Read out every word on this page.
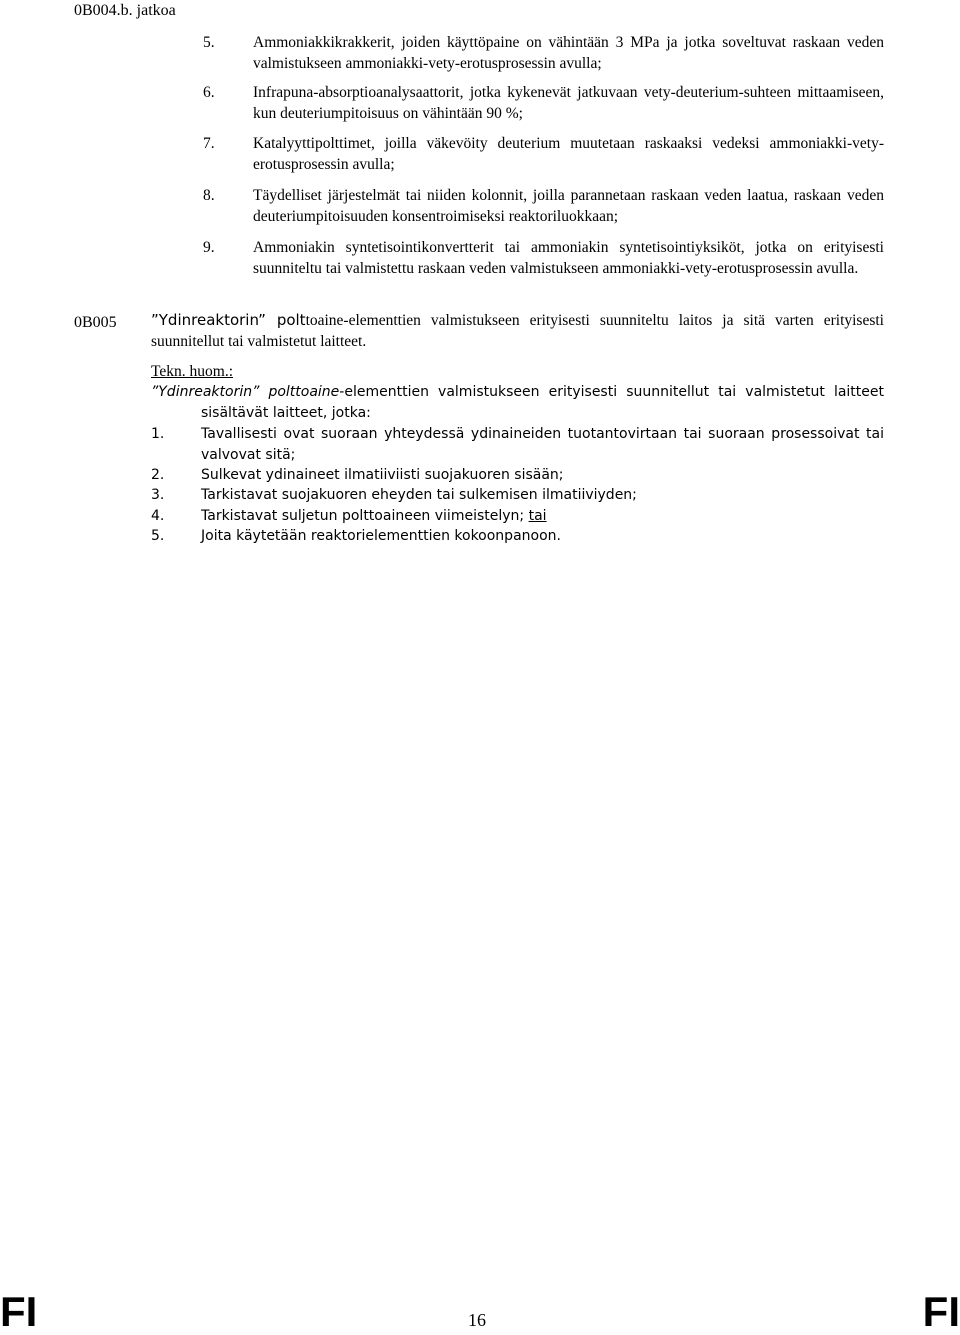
0B004.b. jatkoa
5. Ammoniakkikrakkerit, joiden käyttöpaine on vähintään 3 MPa ja jotka soveltuvat raskaan veden valmistukseen ammoniakki-vety-erotusprosessin avulla;
6. Infrapuna-absorptioanalysaattorit, jotka kykenevät jatkuvaan vety-deuterium-suhteen mittaamiseen, kun deuteriumpitoisuus on vähintään 90 %;
7. Katalyyttipolttimet, joilla väkevöity deuterium muutetaan raskaaksi vedeksi ammoniakki-vety-erotusprosessin avulla;
8. Täydelliset järjestelmät tai niiden kolonnit, joilla parannetaan raskaan veden laatua, raskaan veden deuteriumpitoisuuden konsentroimiseksi reaktoriluokkaan;
9. Ammoniakin syntetisointikonvertterit tai ammoniakin syntetisointiyksiköt, jotka on erityisesti suunniteltu tai valmistettu raskaan veden valmistukseen ammoniakki-vety-erotusprosessin avulla.
0B005 ”Ydinreaktorin” polttoaine-elementtien valmistukseen erityisesti suunniteltu laitos ja sitä varten erityisesti suunnitellut tai valmistetut laitteet.
Tekn. huom.:
”Ydinreaktorin” polttoaine-elementtien valmistukseen erityisesti suunnitellut tai valmistetut laitteet sisältävät laitteet, jotka:
1.	Tavallisesti ovat suoraan yhteydessä ydinaineiden tuotantovirtaan tai suoraan prosessoivat tai valvovat sitä;
2.	Sulkevat ydinaineet ilmatiiviisti suojakuoren sisään;
3.	Tarkistavat suojakuoren eheyden tai sulkemisen ilmatiiviyden;
4.	Tarkistavat suljetun polttoaineen viimeistelyn; tai
5.	Joita käytetään reaktorielementtien kokoonpanoon.
FI	16	FI
